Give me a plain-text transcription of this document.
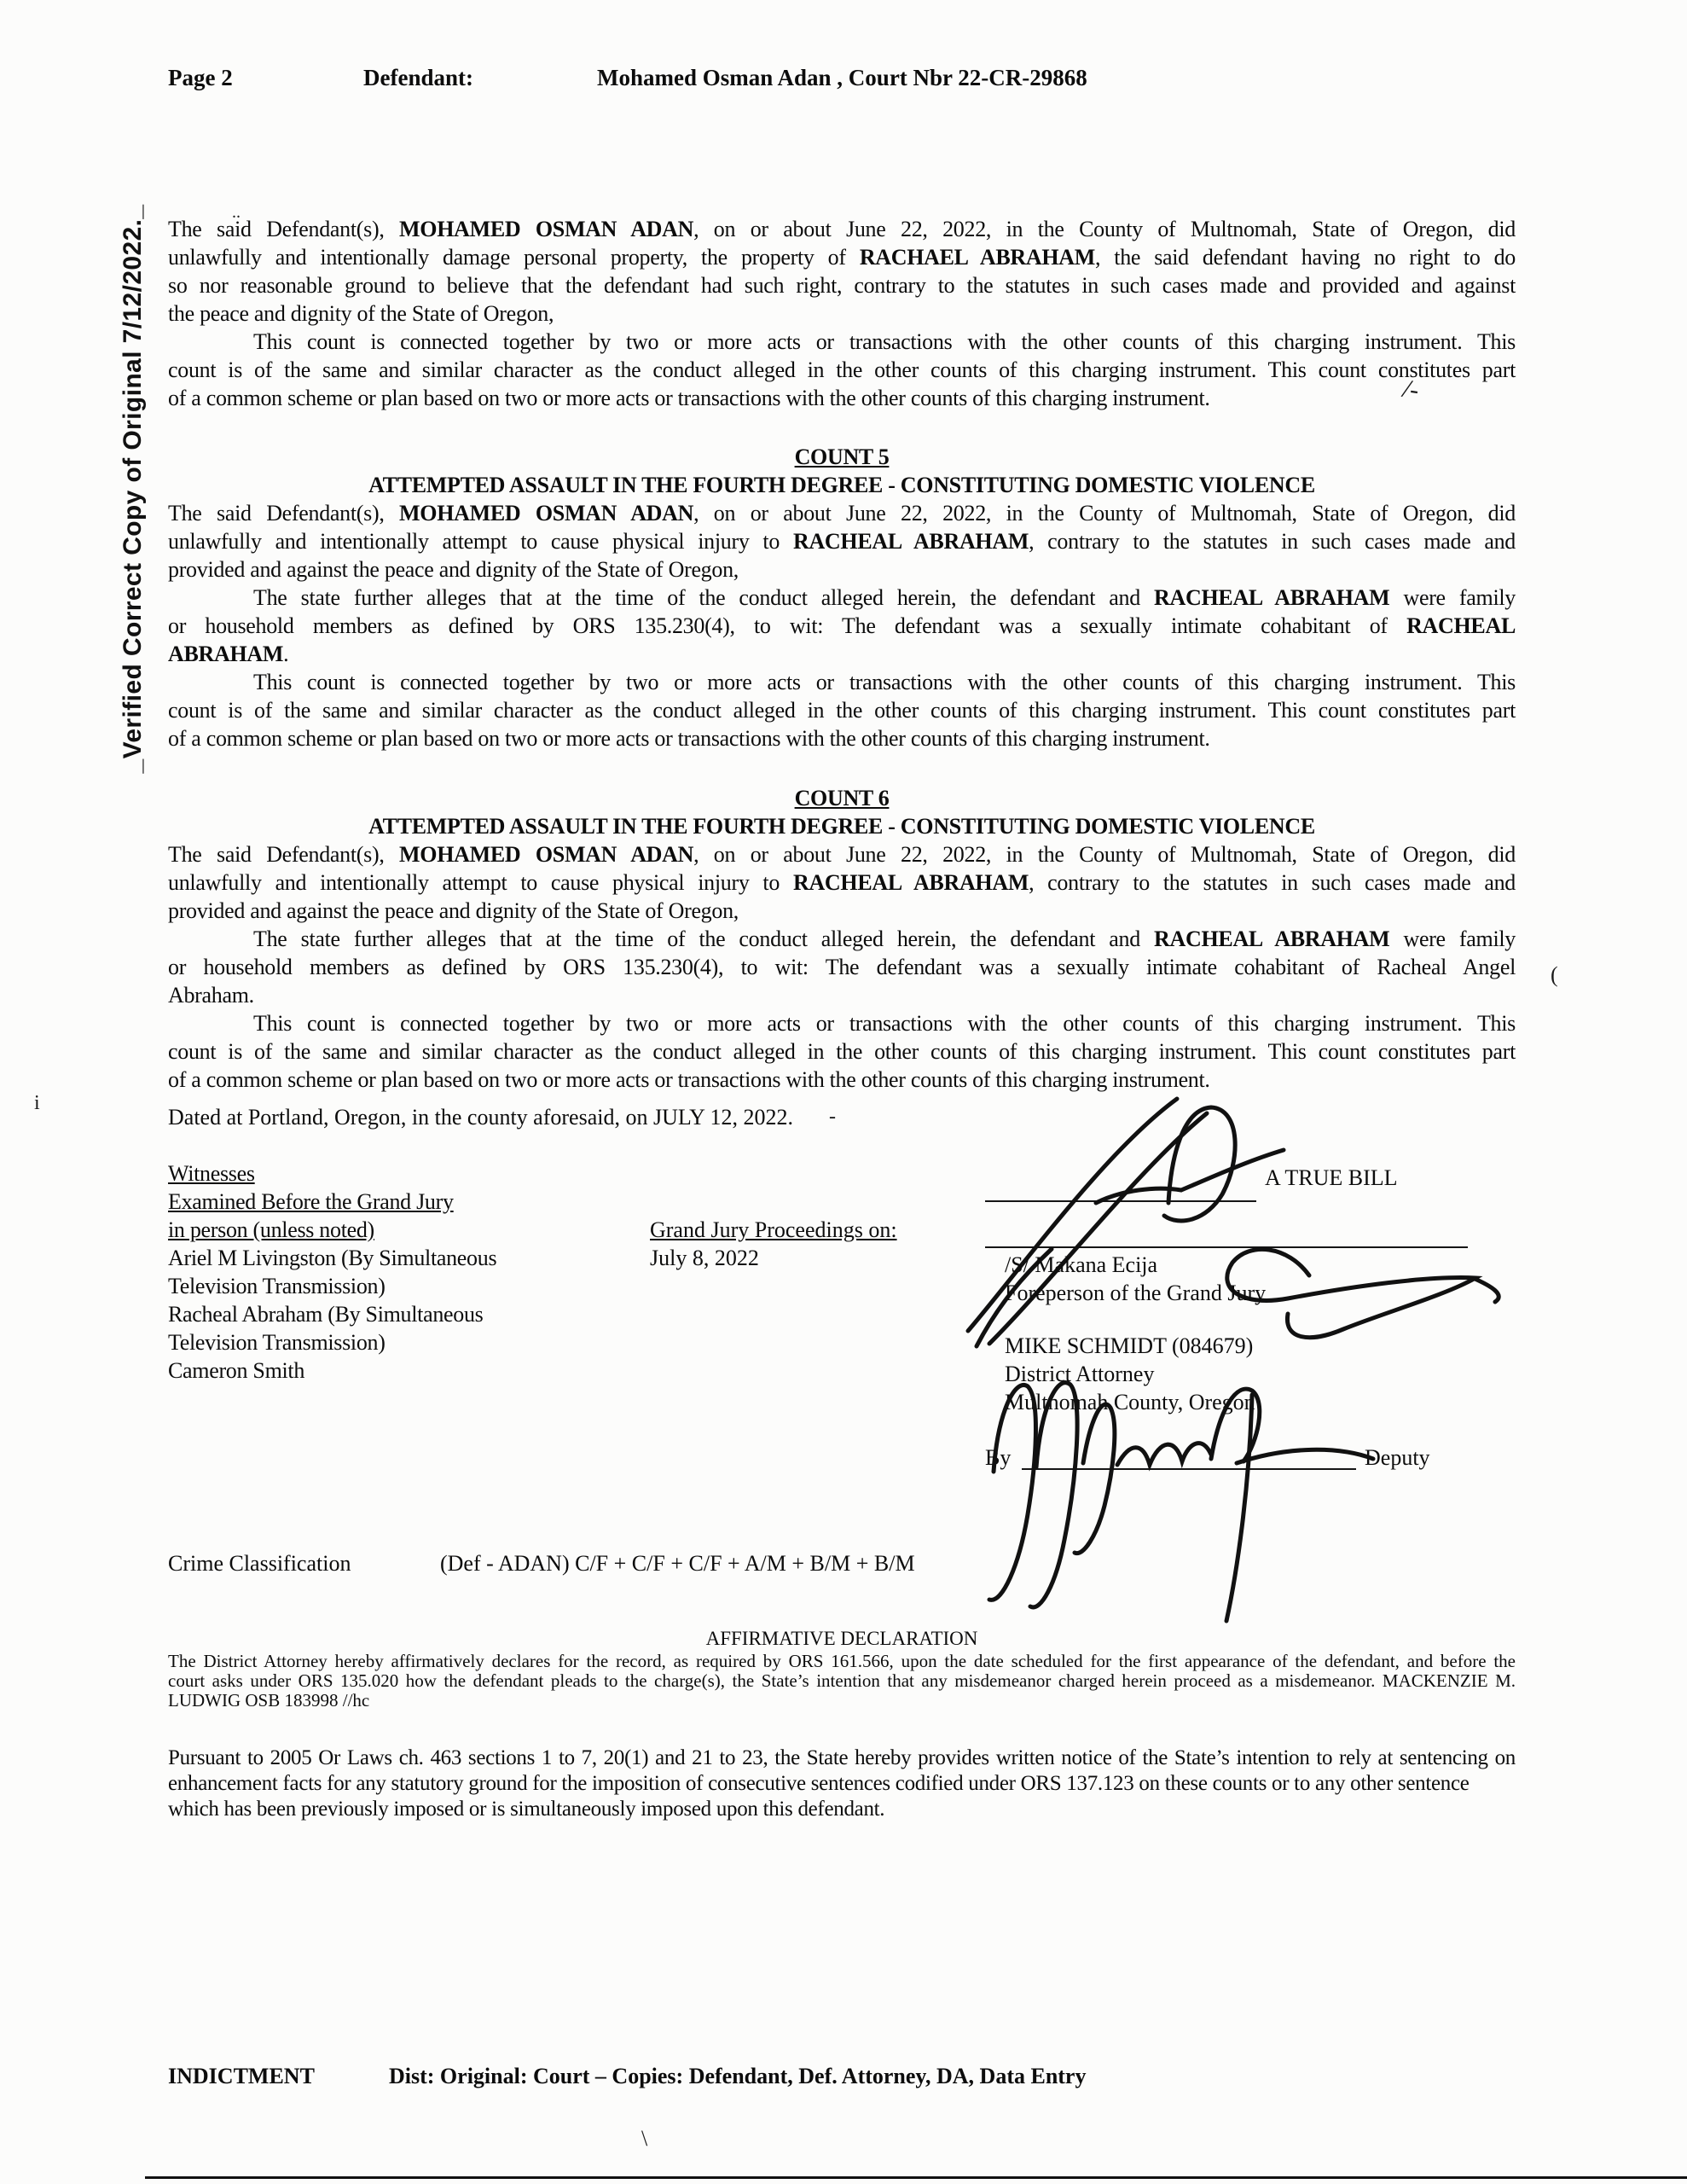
_Verified Correct Copy of Original 7/12/2022._
Page 2	Defendant:	Mohamed Osman Adan , Court Nbr 22-CR-29868
The said Defendant(s), MOHAMED OSMAN ADAN, on or about June 22, 2022, in the County of Multnomah, State of Oregon, did
unlawfully and intentionally damage personal property, the property of RACHAEL ABRAHAM, the said defendant having no right to do
so nor reasonable ground to believe that the defendant had such right, contrary to the statutes in such cases made and provided and against
the peace and dignity of the State of Oregon,
This count is connected together by two or more acts or transactions with the other counts of this charging instrument. This
count is of the same and similar character as the conduct alleged in the other counts of this charging instrument. This count constitutes part
of a common scheme or plan based on two or more acts or transactions with the other counts of this charging instrument.
COUNT 5
ATTEMPTED ASSAULT IN THE FOURTH DEGREE - CONSTITUTING DOMESTIC VIOLENCE
The said Defendant(s), MOHAMED OSMAN ADAN, on or about June 22, 2022, in the County of Multnomah, State of Oregon, did
unlawfully and intentionally attempt to cause physical injury to RACHEAL ABRAHAM, contrary to the statutes in such cases made and
provided and against the peace and dignity of the State of Oregon,
The state further alleges that at the time of the conduct alleged herein, the defendant and RACHEAL ABRAHAM were family
or household members as defined by ORS 135.230(4), to wit: The defendant was a sexually intimate cohabitant of RACHEAL
ABRAHAM.
This count is connected together by two or more acts or transactions with the other counts of this charging instrument. This
count is of the same and similar character as the conduct alleged in the other counts of this charging instrument. This count constitutes part
of a common scheme or plan based on two or more acts or transactions with the other counts of this charging instrument.
COUNT 6
ATTEMPTED ASSAULT IN THE FOURTH DEGREE - CONSTITUTING DOMESTIC VIOLENCE
The said Defendant(s), MOHAMED OSMAN ADAN, on or about June 22, 2022, in the County of Multnomah, State of Oregon, did
unlawfully and intentionally attempt to cause physical injury to RACHEAL ABRAHAM, contrary to the statutes in such cases made and
provided and against the peace and dignity of the State of Oregon,
The state further alleges that at the time of the conduct alleged herein, the defendant and RACHEAL ABRAHAM were family
or household members as defined by ORS 135.230(4), to wit: The defendant was a sexually intimate cohabitant of Racheal Angel
Abraham.
This count is connected together by two or more acts or transactions with the other counts of this charging instrument. This
count is of the same and similar character as the conduct alleged in the other counts of this charging instrument. This count constitutes part
of a common scheme or plan based on two or more acts or transactions with the other counts of this charging instrument.
Dated at Portland, Oregon, in the county aforesaid, on JULY 12, 2022.
Witnesses
Examined Before the Grand Jury
in person (unless noted)
Ariel M Livingston (By Simultaneous
Television Transmission)
Racheal Abraham (By Simultaneous
Television Transmission)
Cameron Smith
Grand Jury Proceedings on:
July 8, 2022
A TRUE BILL
/S/ Makana Ecija
Foreperson of the Grand Jury
MIKE SCHMIDT (084679)
District Attorney
Multnomah County, Oregon
By	Deputy
Crime Classification	(Def - ADAN) C/F + C/F + C/F + A/M + B/M + B/M
AFFIRMATIVE DECLARATION
The District Attorney hereby affirmatively declares for the record, as required by ORS 161.566, upon the date scheduled for the first appearance of the defendant, and before the
court asks under ORS 135.020 how the defendant pleads to the charge(s), the State’s intention that any misdemeanor charged herein proceed as a misdemeanor. MACKENZIE M.
LUDWIG OSB 183998 //hc
Pursuant to 2005 Or Laws ch. 463 sections 1 to 7, 20(1) and 21 to 23, the State hereby provides written notice of the State’s intention to rely at sentencing on
enhancement facts for any statutory ground for the imposition of consecutive sentences codified under ORS 137.123 on these counts or to any other sentence
which has been previously imposed or is simultaneously imposed upon this defendant.
INDICTMENT	Dist: Original: Court – Copies: Defendant, Def. Attorney, DA, Data Entry
..
/-
-
(
i
\
